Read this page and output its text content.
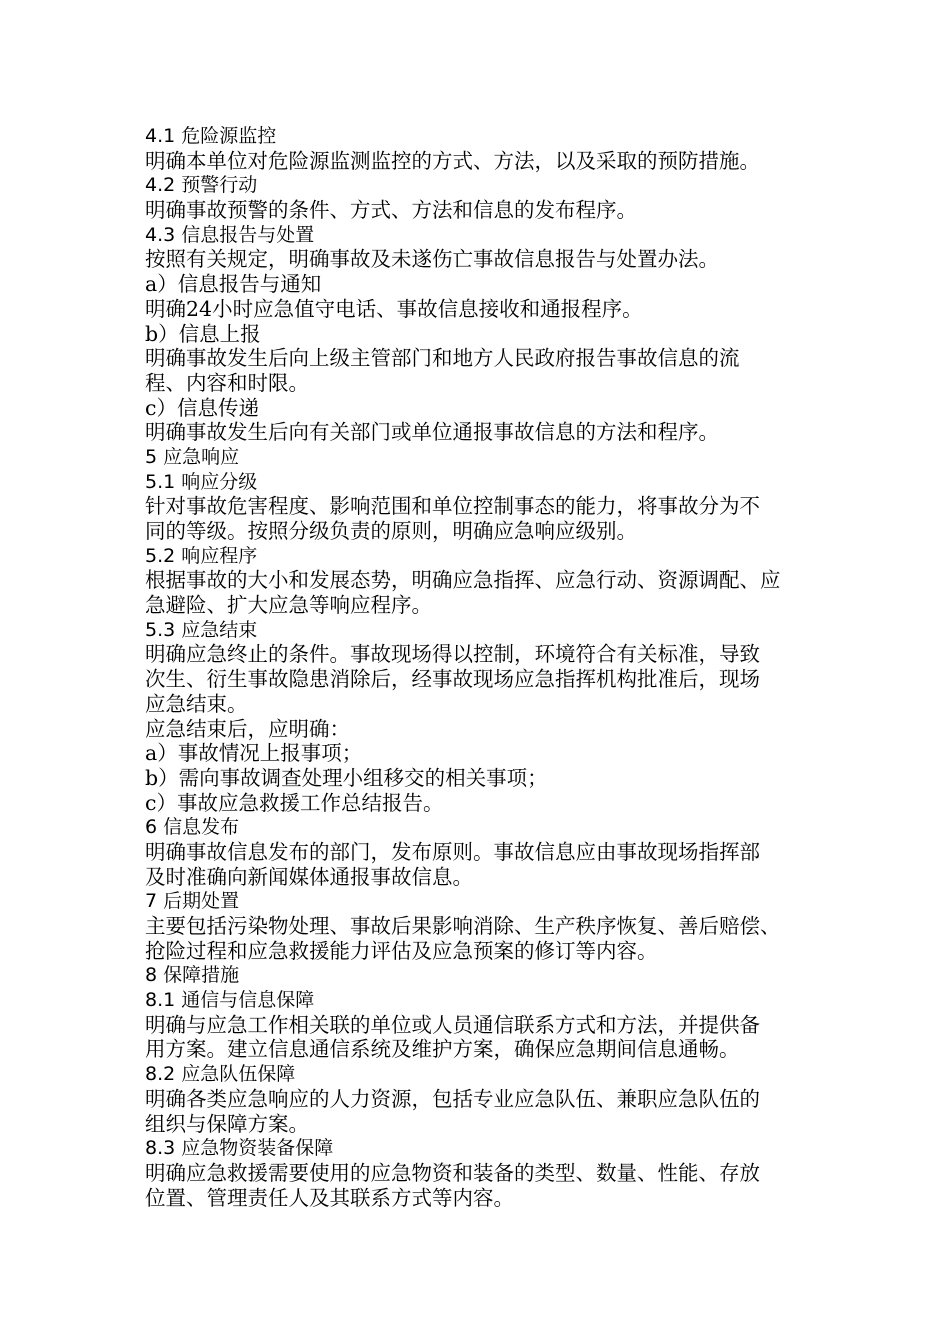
4.1 危险源监控
明确本单位对危险源监测监控的方式、方法，以及采取的预防措施。
4.2 预警行动
明确事故预警的条件、方式、方法和信息的发布程序。
4.3 信息报告与处置
按照有关规定，明确事故及未遂伤亡事故信息报告与处置办法。
a）信息报告与通知
明确24小时应急值守电话、事故信息接收和通报程序。
b）信息上报
明确事故发生后向上级主管部门和地方人民政府报告事故信息的流
程、内容和时限。
c）信息传递
明确事故发生后向有关部门或单位通报事故信息的方法和程序。
5 应急响应
5.1 响应分级
针对事故危害程度、影响范围和单位控制事态的能力，将事故分为不
同的等级。按照分级负责的原则，明确应急响应级别。
5.2 响应程序
根据事故的大小和发展态势，明确应急指挥、应急行动、资源调配、应
急避险、扩大应急等响应程序。
5.3 应急结束
明确应急终止的条件。事故现场得以控制，环境符合有关标准，导致
次生、衍生事故隐患消除后，经事故现场应急指挥机构批准后，现场
应急结束。
应急结束后，应明确：
a）事故情况上报事项；
b）需向事故调查处理小组移交的相关事项；
c）事故应急救援工作总结报告。
6 信息发布
明确事故信息发布的部门，发布原则。事故信息应由事故现场指挥部
及时准确向新闻媒体通报事故信息。
7 后期处置
主要包括污染物处理、事故后果影响消除、生产秩序恢复、善后赔偿、
抢险过程和应急救援能力评估及应急预案的修订等内容。
8 保障措施
8.1 通信与信息保障
明确与应急工作相关联的单位或人员通信联系方式和方法，并提供备
用方案。建立信息通信系统及维护方案，确保应急期间信息通畅。
8.2 应急队伍保障
明确各类应急响应的人力资源，包括专业应急队伍、兼职应急队伍的
组织与保障方案。
8.3 应急物资装备保障
明确应急救援需要使用的应急物资和装备的类型、数量、性能、存放
位置、管理责任人及其联系方式等内容。
